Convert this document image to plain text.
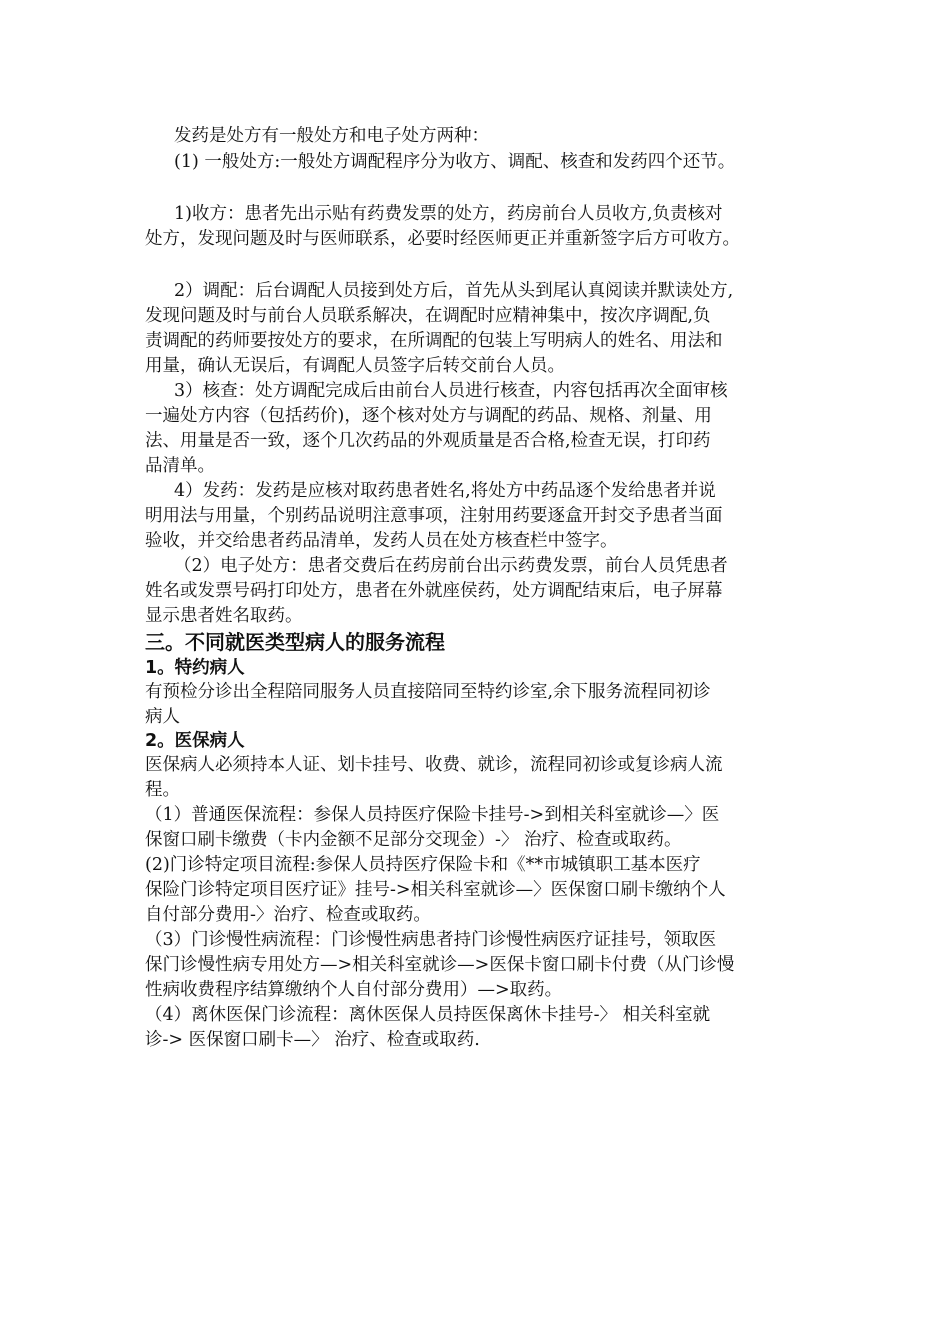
发药是处方有一般处方和电子处方两种：
(1) 一般处方:一般处方调配程序分为收方、调配、核查和发药四个还节。
1)收方：患者先出示贴有药费发票的处方，药房前台人员收方,负责核对
处方，发现问题及时与医师联系，必要时经医师更正并重新签字后方可收方。
2）调配：后台调配人员接到处方后，首先从头到尾认真阅读并默读处方,
发现问题及时与前台人员联系解决，在调配时应精神集中，按次序调配,负
责调配的药师要按处方的要求，在所调配的包装上写明病人的姓名、用法和
用量，确认无误后，有调配人员签字后转交前台人员。
3）核查：处方调配完成后由前台人员进行核查，内容包括再次全面审核
一遍处方内容（包括药价)，逐个核对处方与调配的药品、规格、剂量、用
法、用量是否一致，逐个几次药品的外观质量是否合格,检查无误，打印药
品清单。
4）发药：发药是应核对取药患者姓名,将处方中药品逐个发给患者并说
明用法与用量，个别药品说明注意事项，注射用药要逐盒开封交予患者当面
验收，并交给患者药品清单，发药人员在处方核查栏中签字。
（2）电子处方：患者交费后在药房前台出示药费发票，前台人员凭患者
姓名或发票号码打印处方，患者在外就座侯药，处方调配结束后，电子屏幕
显示患者姓名取药。
三。不同就医类型病人的服务流程
1。特约病人
有预检分诊出全程陪同服务人员直接陪同至特约诊室,余下服务流程同初诊
病人
2。医保病人
医保病人必须持本人证、划卡挂号、收费、就诊，流程同初诊或复诊病人流
程。
（1）普通医保流程：参保人员持医疗保险卡挂号->到相关科室就诊—〉医
保窗口刷卡缴费（卡内金额不足部分交现金）-〉 治疗、检查或取药。
(2)门诊特定项目流程:参保人员持医疗保险卡和《**市城镇职工基本医疗
保险门诊特定项目医疗证》挂号->相关科室就诊—〉医保窗口刷卡缴纳个人
自付部分费用-〉治疗、检查或取药。
（3）门诊慢性病流程：门诊慢性病患者持门诊慢性病医疗证挂号，领取医
保门诊慢性病专用处方—>相关科室就诊—>医保卡窗口刷卡付费（从门诊慢
性病收费程序结算缴纳个人自付部分费用）—>取药。
（4）离休医保门诊流程：离休医保人员持医保离休卡挂号-〉 相关科室就
诊-> 医保窗口刷卡—〉 治疗、检查或取药.
